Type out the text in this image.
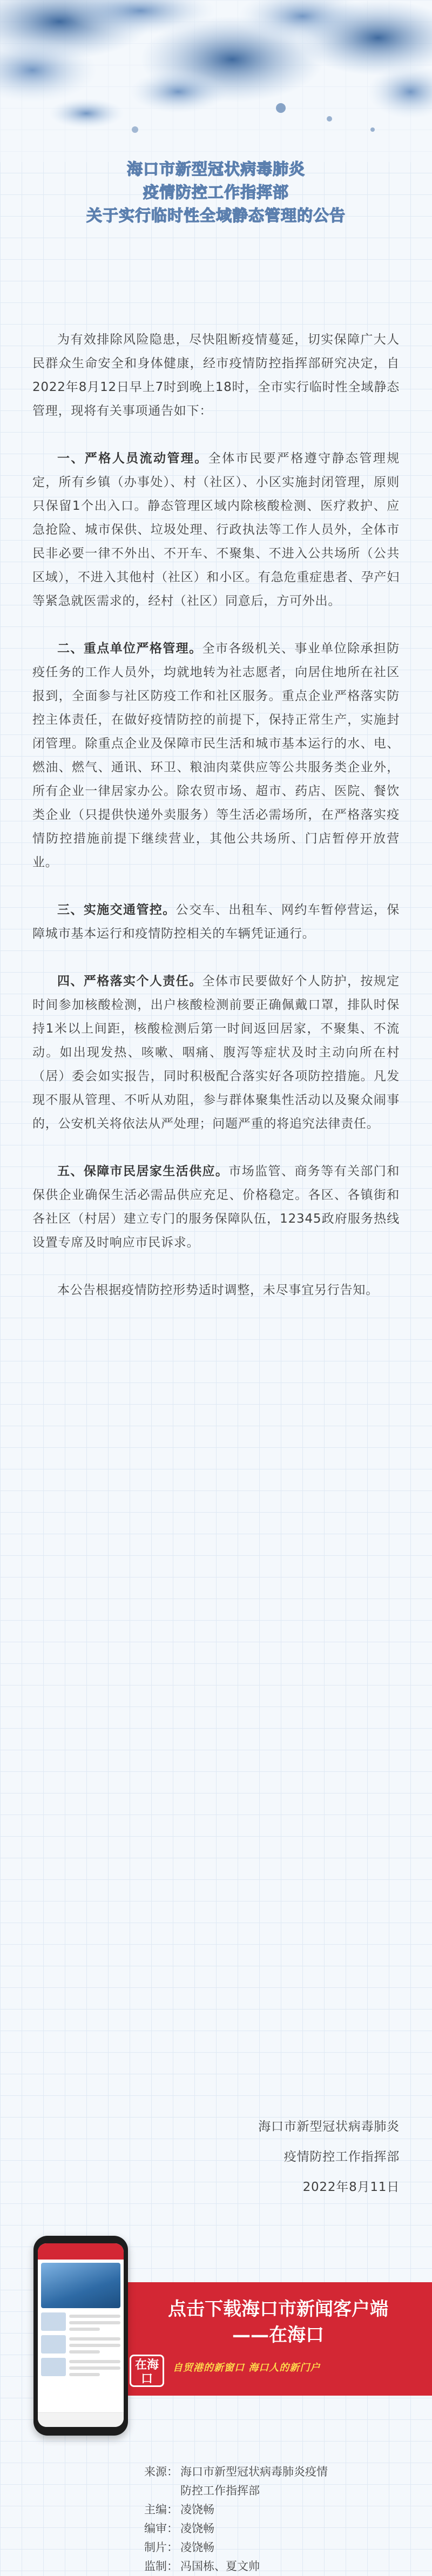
海口市新型冠状病毒肺炎
疫情防控工作指挥部
关于实行临时性全域静态管理的公告

为有效排除风险隐患，尽快阻断疫情蔓延，切实保障广大人民群众生命安全和身体健康，经市疫情防控指挥部研究决定，自2022年8月12日早上7时到晚上18时，全市实行临时性全域静态管理，现将有关事项通告如下：

一、严格人员流动管理。全体市民要严格遵守静态管理规定，所有乡镇（办事处）、村（社区）、小区实施封闭管理，原则只保留1个出入口。静态管理区域内除核酸检测、医疗救护、应急抢险、城市保供、垃圾处理、行政执法等工作人员外，全体市民非必要一律不外出、不开车、不聚集、不进入公共场所（公共区域），不进入其他村（社区）和小区。有急危重症患者、孕产妇等紧急就医需求的，经村（社区）同意后，方可外出。

二、重点单位严格管理。全市各级机关、事业单位除承担防疫任务的工作人员外，均就地转为社志愿者，向居住地所在社区报到，全面参与社区防疫工作和社区服务。重点企业严格落实防控主体责任，在做好疫情防控的前提下，保持正常生产，实施封闭管理。除重点企业及保障市民生活和城市基本运行的水、电、燃油、燃气、通讯、环卫、粮油肉菜供应等公共服务类企业外，所有企业一律居家办公。除农贸市场、超市、药店、医院、餐饮类企业（只提供快递外卖服务）等生活必需场所，在严格落实疫情防控措施前提下继续营业，其他公共场所、门店暂停开放营业。

三、实施交通管控。公交车、出租车、网约车暂停营运，保障城市基本运行和疫情防控相关的车辆凭证通行。

四、严格落实个人责任。全体市民要做好个人防护，按规定时间参加核酸检测，出户核酸检测前要正确佩戴口罩，排队时保持1米以上间距，核酸检测后第一时间返回居家，不聚集、不流动。如出现发热、咳嗽、咽痛、腹泻等症状及时主动向所在村（居）委会如实报告，同时积极配合落实好各项防控措施。凡发现不服从管理、不听从劝阻，参与群体聚集性活动以及聚众闹事的，公安机关将依法从严处理；问题严重的将追究法律责任。

五、保障市民居家生活供应。市场监管、商务等有关部门和保供企业确保生活必需品供应充足、价格稳定。各区、各镇街和各社区（村居）建立专门的服务保障队伍，12345政府服务热线设置专席及时响应市民诉求。

本公告根据疫情防控形势适时调整，未尽事宜另行告知。

海口市新型冠状病毒肺炎
疫情防控工作指挥部
2022年8月11日
点击下载海口市新闻客户端
——在海口
在海口
自贸港的新窗口 海口人的新门户
来源： 海口市新型冠状病毒肺炎疫情
防控工作指挥部
主编： 凌饶畅
编审： 凌饶畅
制片： 凌饶畅
监制： 冯国栋、夏文帅
